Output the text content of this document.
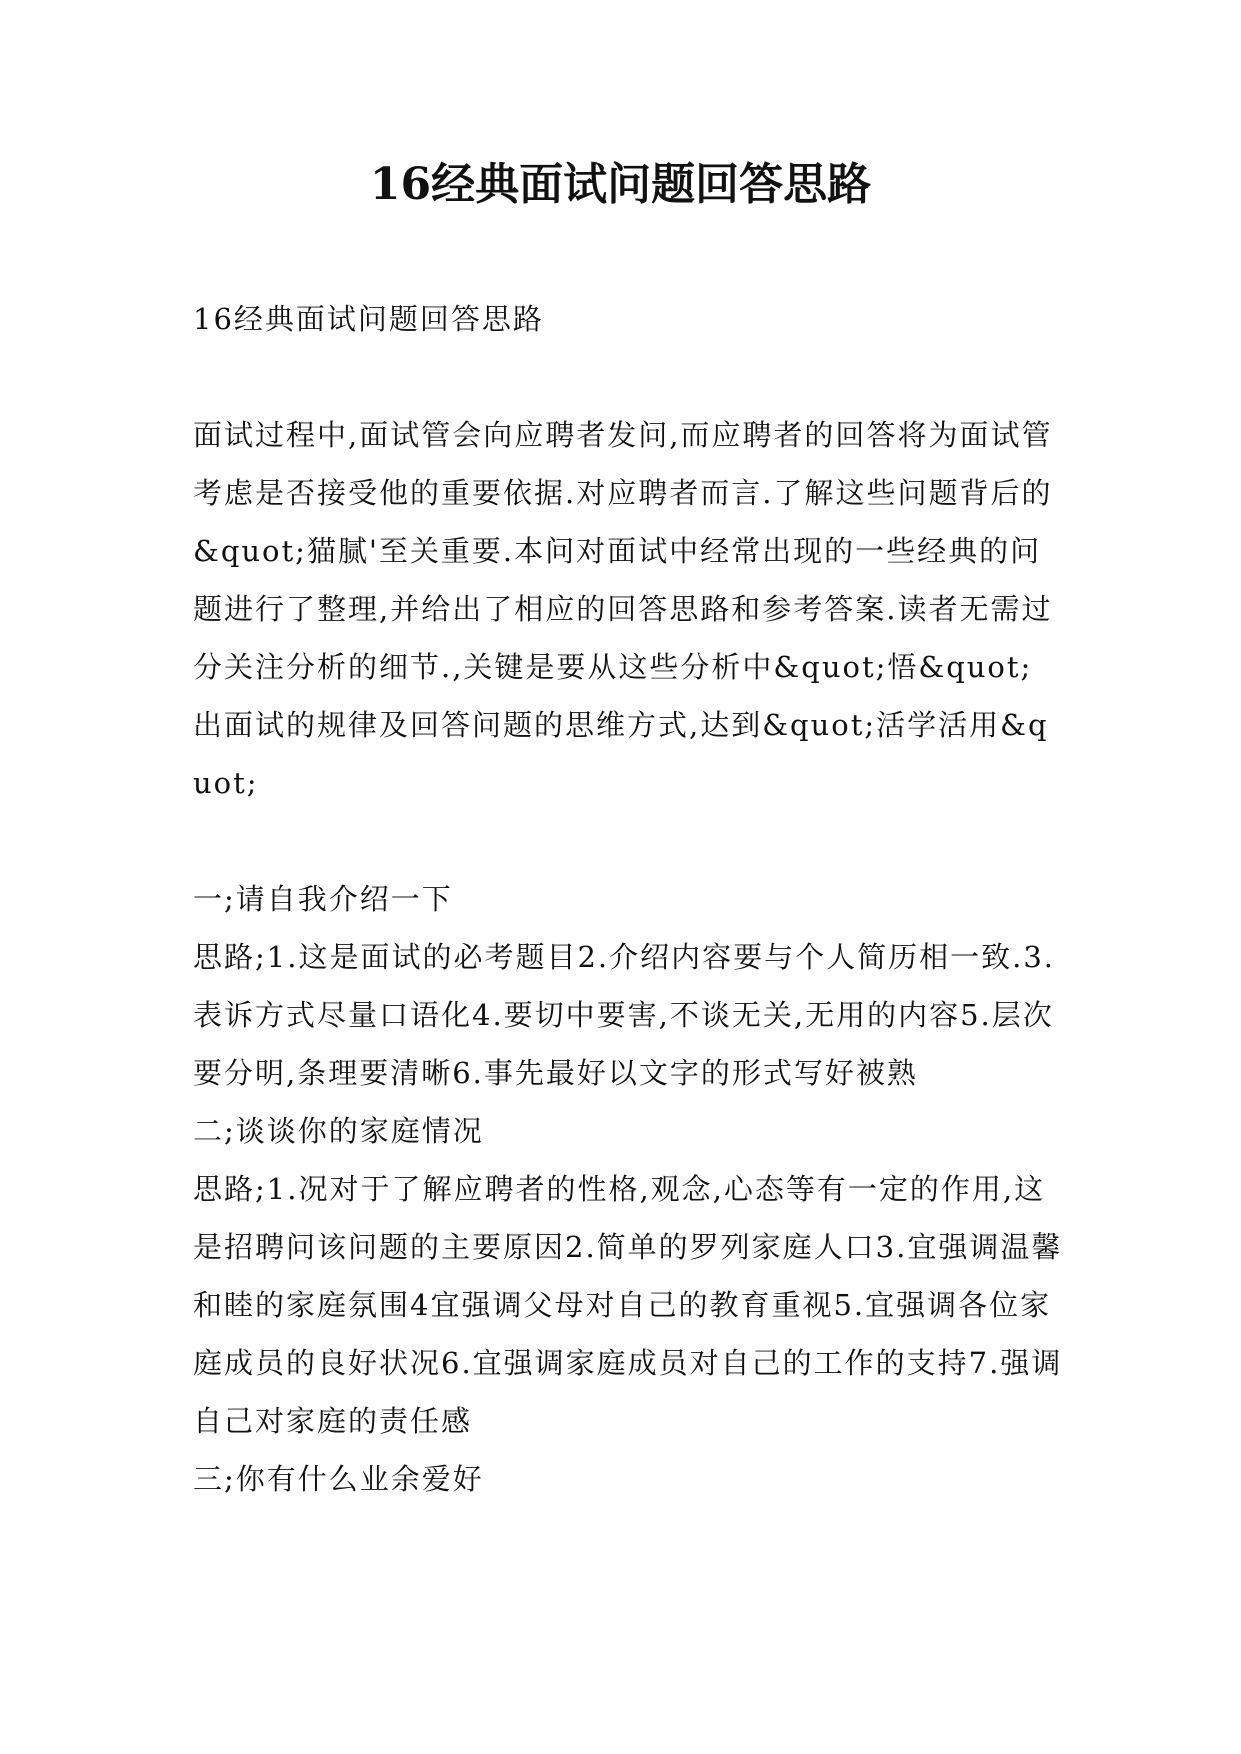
16经典面试问题回答思路

16经典面试问题回答思路

面试过程中,面试管会向应聘者发问,而应聘者的回答将为面试管考虑是否接受他的重要依据.对应聘者而言.了解这些问题背后的&quot;猫腻'至关重要.本问对面试中经常出现的一些经典的问题进行了整理,并给出了相应的回答思路和参考答案.读者无需过分关注分析的细节.,关键是要从这些分析中&quot;悟&quot;出面试的规律及回答问题的思维方式,达到&quot;活学活用&quot;

一;请自我介绍一下

思路;1.这是面试的必考题目2.介绍内容要与个人简历相一致.3.表诉方式尽量口语化4.要切中要害,不谈无关,无用的内容5.层次要分明,条理要清晰6.事先最好以文字的形式写好被熟

二;谈谈你的家庭情况

思路;1.况对于了解应聘者的性格,观念,心态等有一定的作用,这是招聘问该问题的主要原因2.简单的罗列家庭人口3.宜强调温馨和睦的家庭氛围4宜强调父母对自己的教育重视5.宜强调各位家庭成员的良好状况6.宜强调家庭成员对自己的工作的支持7.强调自己对家庭的责任感

三;你有什么业余爱好
